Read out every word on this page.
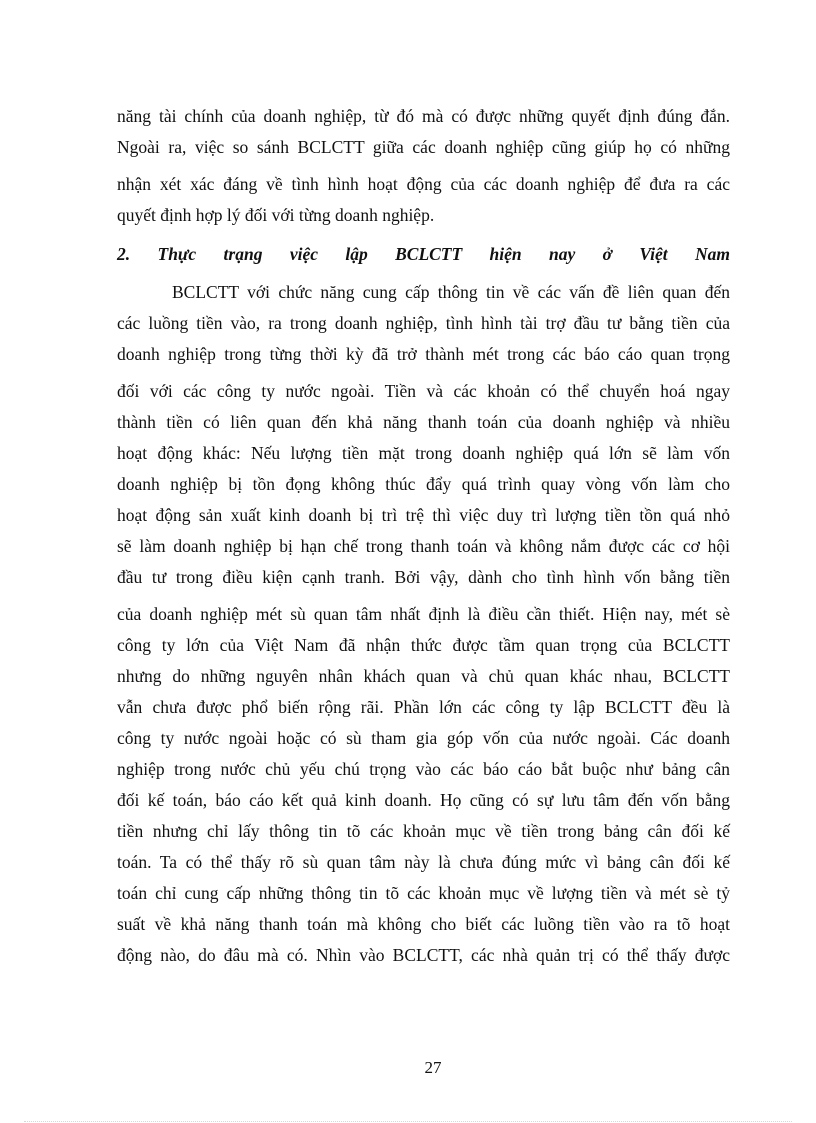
năng tài chính của doanh nghiệp, từ đó mà có được những quyết định đúng đắn.
Ngoài ra, việc so sánh BCLCTT giữa các doanh nghiệp cũng giúp họ có những
nhận xét xác đáng về tình hình hoạt động của các doanh nghiệp để đưa ra các
quyết định hợp lý đối với từng doanh nghiệp.
2. Thực trạng việc lập BCLCTT hiện nay ở Việt Nam
BCLCTT với chức năng cung cấp thông tin về các vấn đề liên quan đến
các luồng tiền vào, ra trong doanh nghiệp, tình hình tài trợ đầu tư bằng tiền của
doanh nghiệp trong từng thời kỳ đã trở thành mét trong các báo cáo quan trọng
đối với các công ty nước ngoài. Tiền và các khoản có thể chuyển hoá ngay
thành tiền có liên quan đến khả năng thanh toán của doanh nghiệp và nhiều
hoạt động khác: Nếu lượng tiền mặt trong doanh nghiệp quá lớn sẽ làm vốn
doanh nghiệp bị tồn đọng không thúc đẩy quá trình quay vòng vốn làm cho
hoạt động sản xuất kinh doanh bị trì trệ thì việc duy trì lượng tiền tồn quá nhỏ
sẽ làm doanh nghiệp bị hạn chế trong thanh toán và không nắm được các cơ hội
đầu tư trong điều kiện cạnh tranh. Bởi vậy, dành cho tình hình vốn bằng tiền
của doanh nghiệp mét sù quan tâm nhất định là điều cần thiết. Hiện nay, mét sè
công ty lớn của Việt Nam đã nhận thức được tầm quan trọng của BCLCTT
nhưng do những nguyên nhân khách quan và chủ quan khác nhau, BCLCTT
vẫn chưa được phổ biến rộng rãi. Phần lớn các công ty lập BCLCTT đều là
công ty nước ngoài hoặc có sù tham gia góp vốn của nước ngoài. Các doanh
nghiệp trong nước chủ yếu chú trọng vào các báo cáo bắt buộc như bảng cân
đối kế toán, báo cáo kết quả kinh doanh. Họ cũng có sự lưu tâm đến vốn bằng
tiền nhưng chỉ lấy thông tin tõ các khoản mục về tiền trong bảng cân đối kế
toán. Ta có thể thấy rõ sù quan tâm này là chưa đúng mức vì bảng cân đối kế
toán chỉ cung cấp những thông tin tõ các khoản mục về lượng tiền và mét sè tỷ
suất về khả năng thanh toán mà không cho biết các luồng tiền vào ra tõ hoạt
động nào, do đâu mà có. Nhìn vào BCLCTT, các nhà quản trị có thể thấy được
27
